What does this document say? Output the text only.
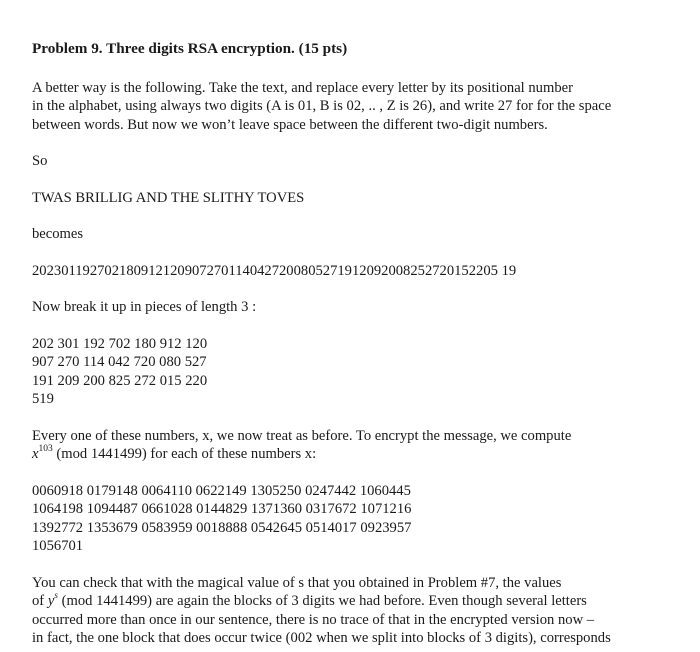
Problem 9. Three digits RSA encryption. (15 pts)

A better way is the following. Take the text, and replace every letter by its positional number
in the alphabet, using always two digits (A is 01, B is 02, .. , Z is 26), and write 27 for for the space
between words. But now we won’t leave space between the different two-digit numbers.

So

TWAS BRILLIG AND THE SLITHY TOVES

becomes

2023011927021809121209072701140427200805271912092008252720152205 19

Now break it up in pieces of length 3 :

202 301 192 702 180 912 120
907 270 114 042 720 080 527
191 209 200 825 272 015 220
519

Every one of these numbers, x, we now treat as before. To encrypt the message, we compute
$x^{103}$ (mod 1441499) for each of these numbers x:

0060918 0179148 0064110 0622149 1305250 0247442 1060445
1064198 1094487 0661028 0144829 1371360 0317672 1071216
1392772 1353679 0583959 0018888 0542645 0514017 0923957
1056701

You can check that with the magical value of s that you obtained in Problem #7, the values
of $y^s$ (mod 1441499) are again the blocks of 3 digits we had before. Even though several letters
occurred more than once in our sentence, there is no trace of that in the encrypted version now –
in fact, the one block that does occur twice (002 when we split into blocks of 3 digits), corresponds
